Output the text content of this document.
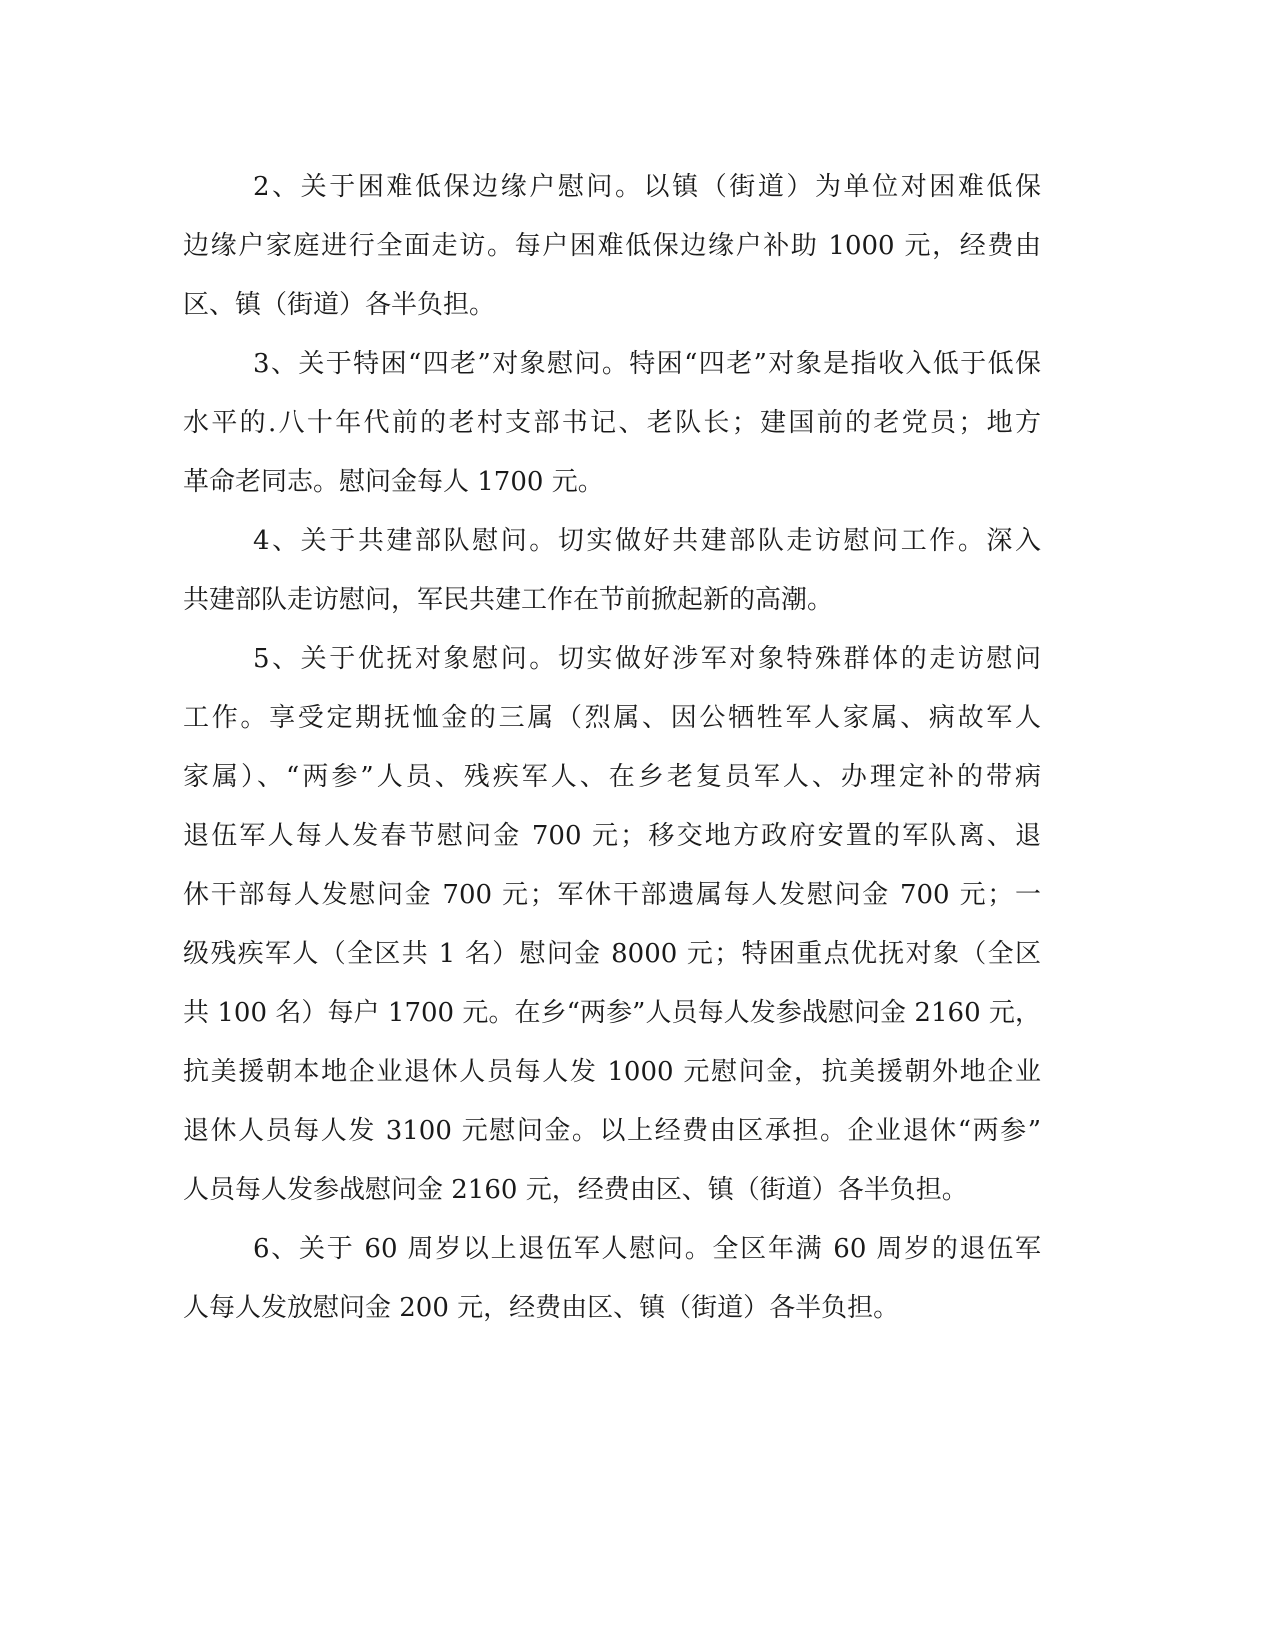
2、关于困难低保边缘户慰问。以镇（街道）为单位对困难低保
边缘户家庭进行全面走访。每户困难低保边缘户补助 1000 元，经费由
区、镇（街道）各半负担。
3、关于特困“四老”对象慰问。特困“四老”对象是指收入低于低保
水平的.八十年代前的老村支部书记、老队长；建国前的老党员；地方
革命老同志。慰问金每人 1700 元。
4、关于共建部队慰问。切实做好共建部队走访慰问工作。深入
共建部队走访慰问，军民共建工作在节前掀起新的高潮。
5、关于优抚对象慰问。切实做好涉军对象特殊群体的走访慰问
工作。享受定期抚恤金的三属（烈属、因公牺牲军人家属、病故军人
家属）、“两参”人员、残疾军人、在乡老复员军人、办理定补的带病
退伍军人每人发春节慰问金 700 元；移交地方政府安置的军队离、退
休干部每人发慰问金 700 元；军休干部遗属每人发慰问金 700 元；一
级残疾军人（全区共 1 名）慰问金 8000 元；特困重点优抚对象（全区
共 100 名）每户 1700 元。在乡“两参”人员每人发参战慰问金 2160 元，
抗美援朝本地企业退休人员每人发 1000 元慰问金，抗美援朝外地企业
退休人员每人发 3100 元慰问金。以上经费由区承担。企业退休“两参”
人员每人发参战慰问金 2160 元，经费由区、镇（街道）各半负担。
6、关于 60 周岁以上退伍军人慰问。全区年满 60 周岁的退伍军
人每人发放慰问金 200 元，经费由区、镇（街道）各半负担。
